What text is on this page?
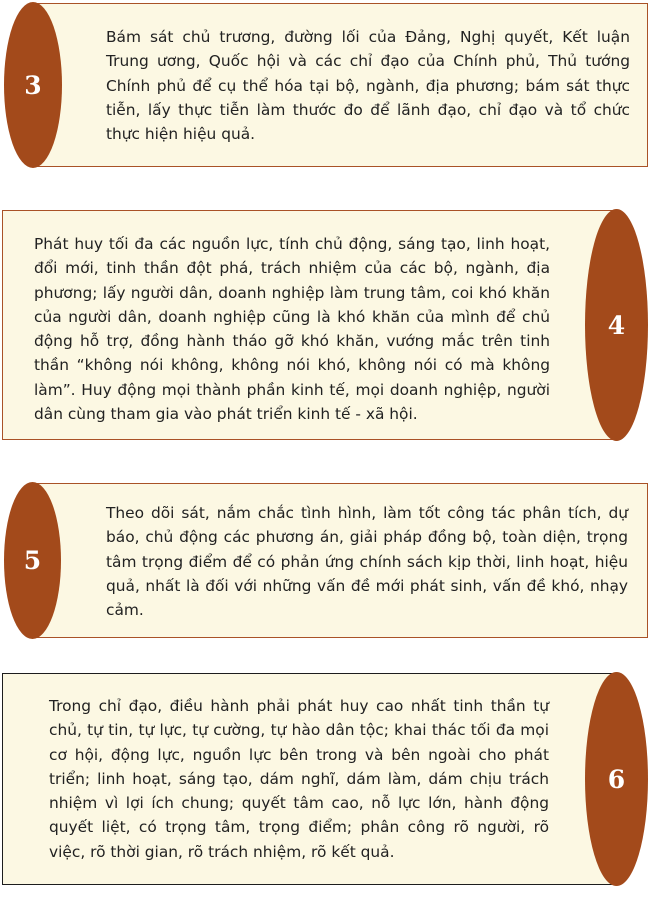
3
Bám sát chủ trương, đường lối của Đảng, Nghị quyết, Kết luận Trung ương, Quốc hội và các chỉ đạo của Chính phủ, Thủ tướng Chính phủ để cụ thể hóa tại bộ, ngành, địa phương; bám sát thực tiễn, lấy thực tiễn làm thước đo để lãnh đạo, chỉ đạo và tổ chức thực hiện hiệu quả.
4
Phát huy tối đa các nguồn lực, tính chủ động, sáng tạo, linh hoạt, đổi mới, tinh thần đột phá, trách nhiệm của các bộ, ngành, địa phương; lấy người dân, doanh nghiệp làm trung tâm, coi khó khăn của người dân, doanh nghiệp cũng là khó khăn của mình để chủ động hỗ trợ, đồng hành tháo gỡ khó khăn, vướng mắc trên tinh thần “không nói không, không nói khó, không nói có mà không làm”. Huy động mọi thành phần kinh tế, mọi doanh nghiệp, người dân cùng tham gia vào phát triển kinh tế - xã hội.
5
Theo dõi sát, nắm chắc tình hình, làm tốt công tác phân tích, dự báo, chủ động các phương án, giải pháp đồng bộ, toàn diện, trọng tâm trọng điểm để có phản ứng chính sách kịp thời, linh hoạt, hiệu quả, nhất là đối với những vấn đề mới phát sinh, vấn đề khó, nhạy cảm.
6
Trong chỉ đạo, điều hành phải phát huy cao nhất tinh thần tự chủ, tự tin, tự lực, tự cường, tự hào dân tộc; khai thác tối đa mọi cơ hội, động lực, nguồn lực bên trong và bên ngoài cho phát triển; linh hoạt, sáng tạo, dám nghĩ, dám làm, dám chịu trách nhiệm vì lợi ích chung; quyết tâm cao, nỗ lực lớn, hành động quyết liệt, có trọng tâm, trọng điểm; phân công rõ người, rõ việc, rõ thời gian, rõ trách nhiệm, rõ kết quả.
